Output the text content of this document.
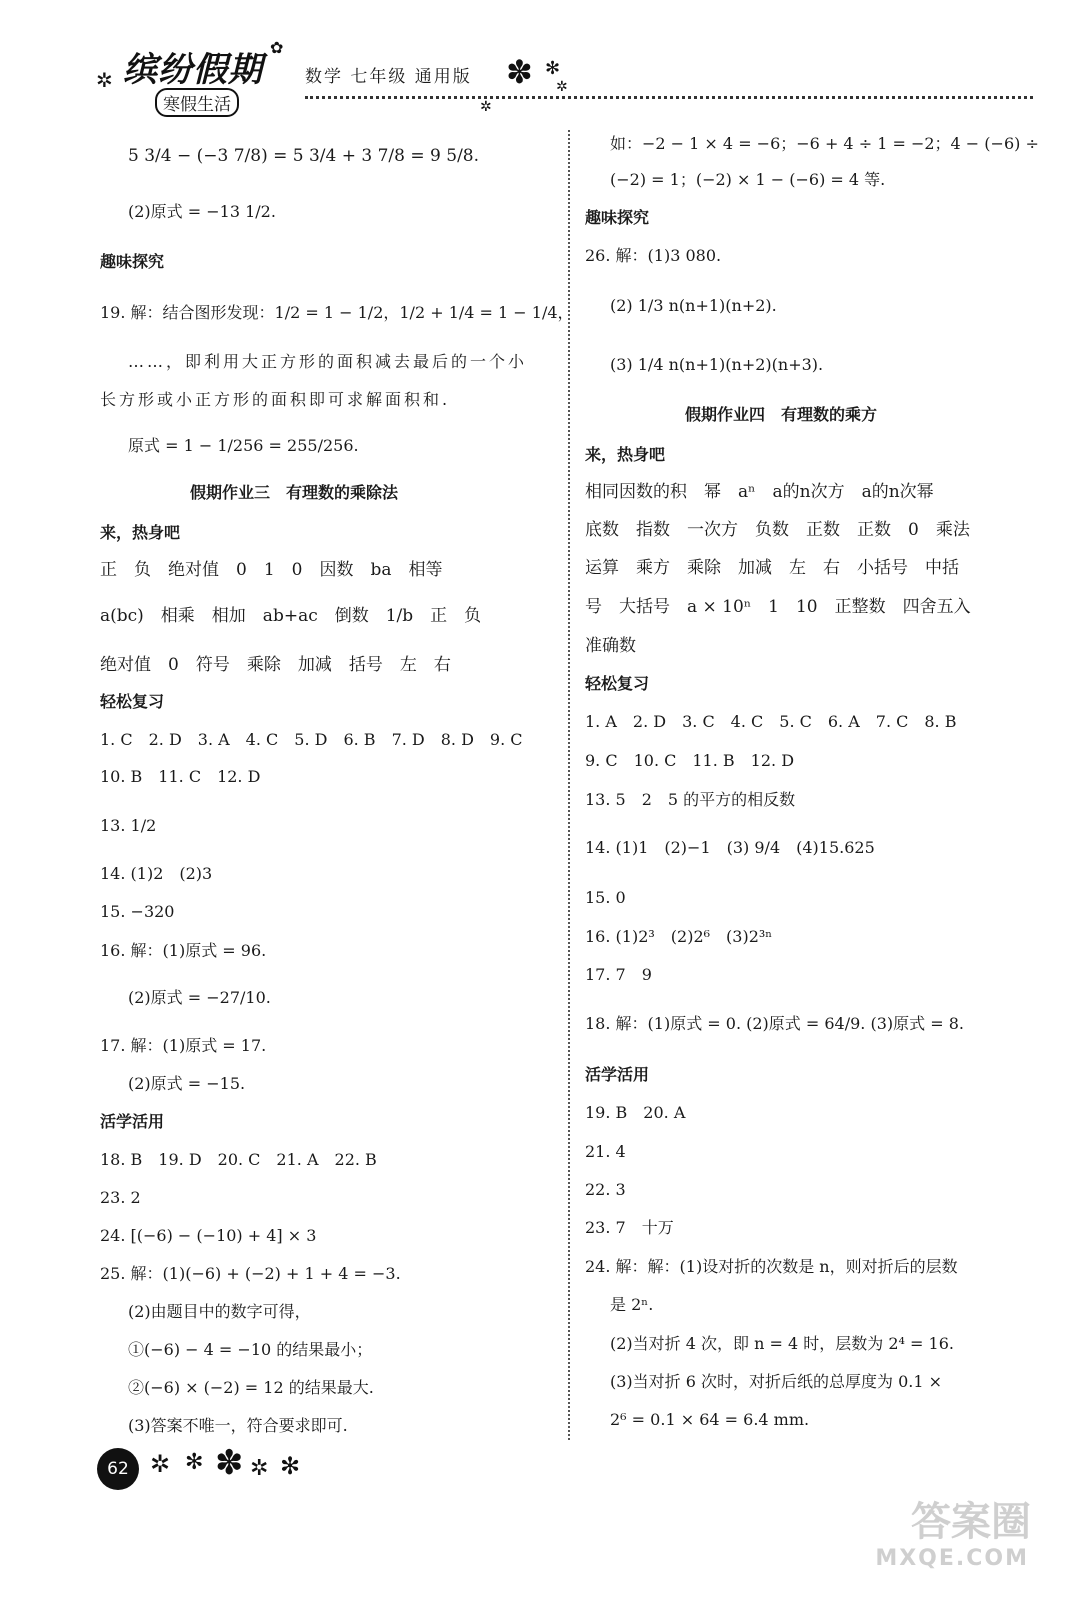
缤纷假期
寒假生活
✲
✿
数学 七年级 通用版 ✽ ✻
✲
✲
5 3/4 − (−3 7/8) = 5 3/4 + 3 7/8 = 9 5/8.
(2)原式 = −13 1/2.
趣味探究
19. 解：结合图形发现：1/2 = 1 − 1/2，1/2 + 1/4 = 1 − 1/4，
……，即利用大正方形的面积减去最后的一个小
长方形或小正方形的面积即可求解面积和.
原式 = 1 − 1/256 = 255/256.
假期作业三　有理数的乘除法
来，热身吧
正　负　绝对值　0　1　0　因数　ba　相等
a(bc)　相乘　相加　ab+ac　倒数　1/b　正　负
绝对值　0　符号　乘除　加减　括号　左　右
轻松复习
1. C　2. D　3. A　4. C　5. D　6. B　7. D　8. D　9. C
10. B　11. C　12. D
13. 1/2
14. (1)2　(2)3
15. −320
16. 解：(1)原式 = 96.
(2)原式 = −27/10.
17. 解：(1)原式 = 17.
(2)原式 = −15.
活学活用
18. B　19. D　20. C　21. A　22. B
23. 2
24. [(−6) − (−10) + 4] × 3
25. 解：(1)(−6) + (−2) + 1 + 4 = −3.
(2)由题目中的数字可得，
①(−6) − 4 = −10 的结果最小；
②(−6) × (−2) = 12 的结果最大.
(3)答案不唯一，符合要求即可.
如：−2 − 1 × 4 = −6；−6 + 4 ÷ 1 = −2；4 − (−6) ÷
(−2) = 1；(−2) × 1 − (−6) = 4 等.
趣味探究
26. 解：(1)3 080.
(2) 1/3 n(n+1)(n+2).
(3) 1/4 n(n+1)(n+2)(n+3).
假期作业四　有理数的乘方
来，热身吧
相同因数的积　幂　aⁿ　a的n次方　a的n次幂
底数　指数　一次方　负数　正数　正数　0　乘法
运算　乘方　乘除　加减　左　右　小括号　中括
号　大括号　a × 10ⁿ　1　10　正整数　四舍五入
准确数
轻松复习
1. A　2. D　3. C　4. C　5. C　6. A　7. C　8. B
9. C　10. C　11. B　12. D
13. 5　2　5 的平方的相反数
14. (1)1　(2)−1　(3) 9/4　(4)15.625
15. 0
16. (1)2³　(2)2⁶　(3)2³ⁿ
17. 7　9
18. 解：(1)原式 = 0. (2)原式 = 64/9. (3)原式 = 8.
活学活用
19. B　20. A
21. 4
22. 3
23. 7　十万
24. 解：解：(1)设对折的次数是 n，则对折后的层数
是 2ⁿ.
(2)当对折 4 次，即 n = 4 时，层数为 2⁴ = 16.
(3)当对折 6 次时，对折后纸的总厚度为 0.1 ×
2⁶ = 0.1 × 64 = 6.4 mm.
62 ✲ ✻ ✽ ✲ ✻
答案圈
MXQE.COM
